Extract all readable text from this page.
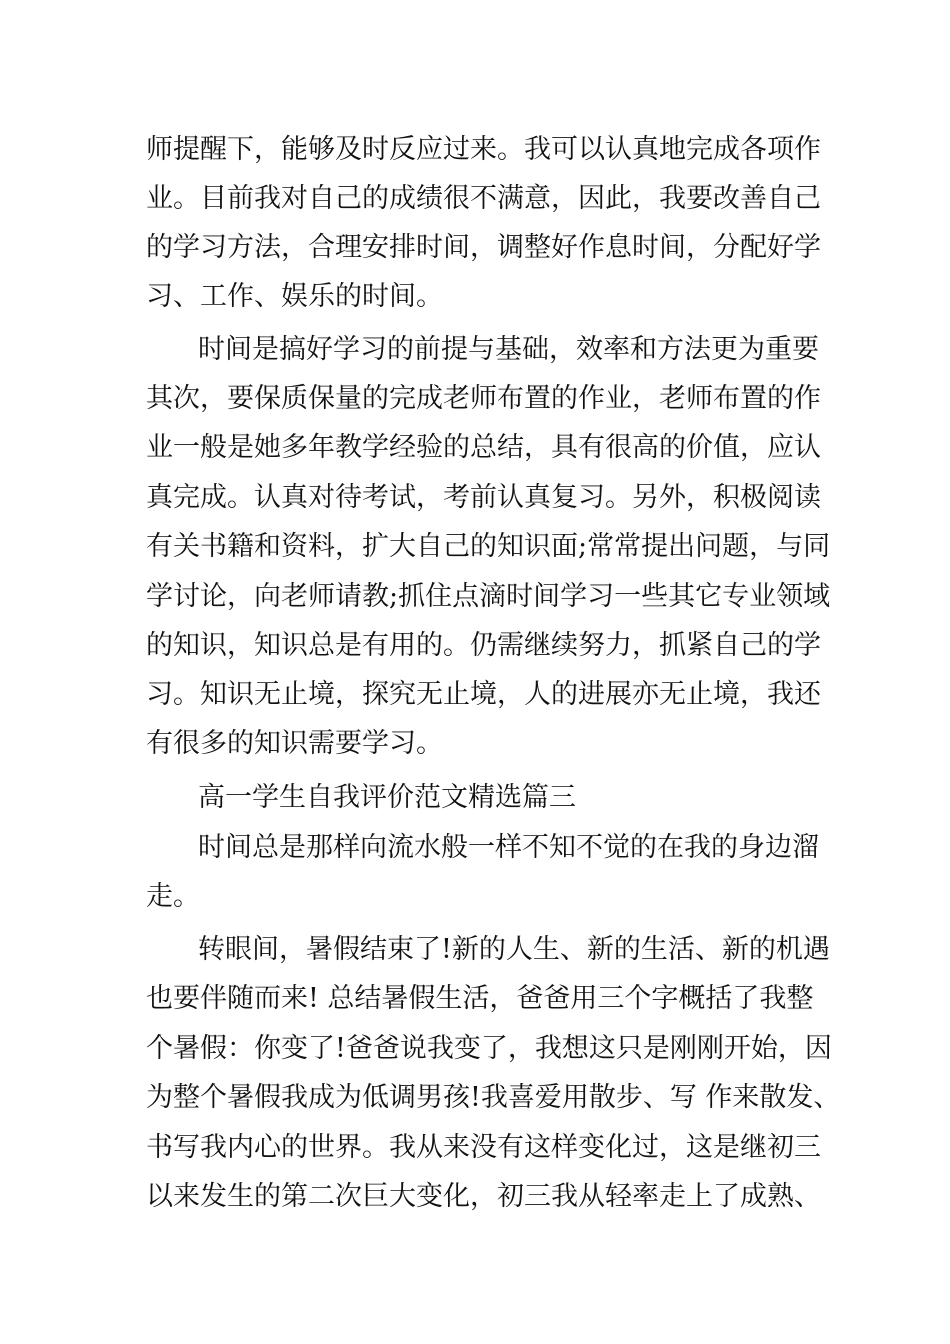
师提醒下，能够及时反应过来。我可以认真地完成各项作
业。目前我对自己的成绩很不满意，因此，我要改善自己
的学习方法，合理安排时间，调整好作息时间，分配好学
习、工作、娱乐的时间。
时间是搞好学习的前提与基础，效率和方法更为重要
其次，要保质保量的完成老师布置的作业，老师布置的作
业一般是她多年教学经验的总结，具有很高的价值，应认
真完成。认真对待考试，考前认真复习。另外，积极阅读
有关书籍和资料，扩大自己的知识面;常常提出问题，与同
学讨论，向老师请教;抓住点滴时间学习一些其它专业领域
的知识，知识总是有用的。仍需继续努力，抓紧自己的学
习。知识无止境，探究无止境，人的进展亦无止境，我还
有很多的知识需要学习。
高一学生自我评价范文精选篇三
时间总是那样向流水般一样不知不觉的在我的身边溜
走。
转眼间，暑假结束了!新的人生、新的生活、新的机遇
也要伴随而来! 总结暑假生活，爸爸用三个字概括了我整
个暑假：你变了!爸爸说我变了，我想这只是刚刚开始，因
为整个暑假我成为低调男孩!我喜爱用散步、写 作来散发、
书写我内心的世界。我从来没有这样变化过，这是继初三
以来发生的第二次巨大变化，初三我从轻率走上了成熟、
